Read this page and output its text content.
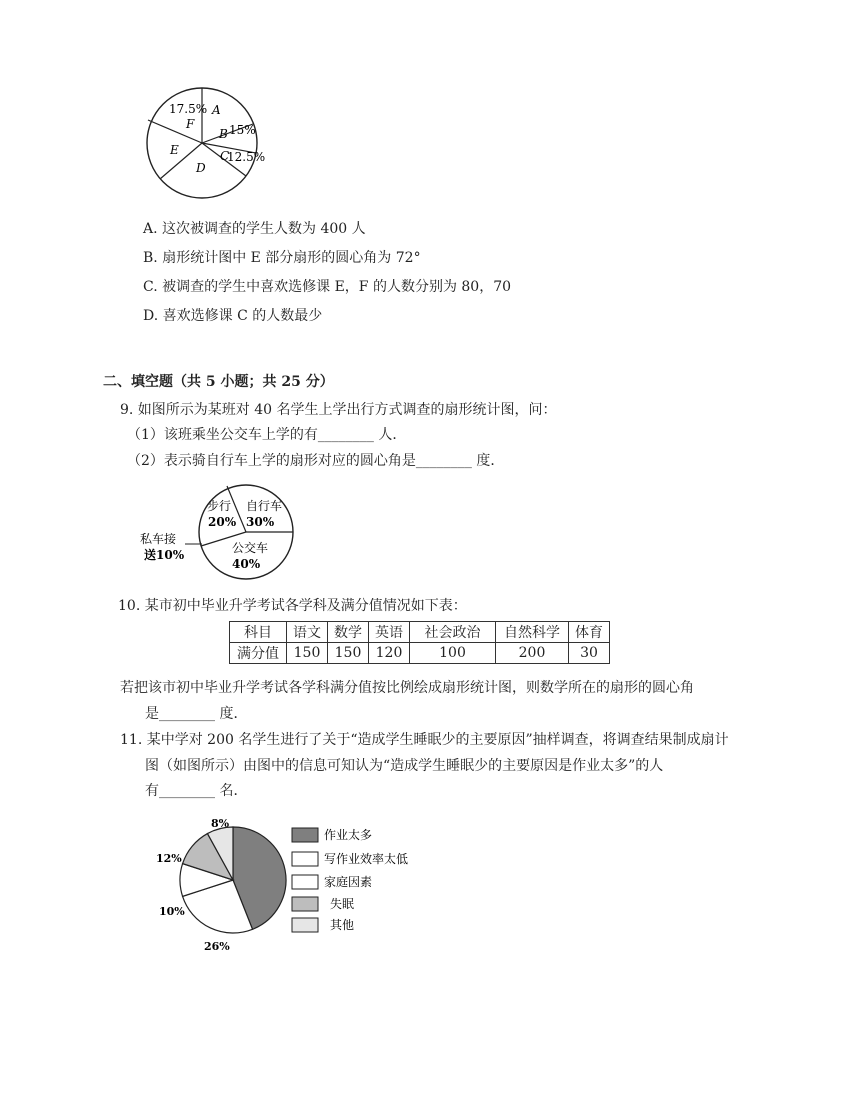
17.5%
F
A
B 15%
C
12.5%
E
D
A. 这次被调查的学生人数为 400 人
B. 扇形统计图中 E 部分扇形的圆心角为 72°
C. 被调查的学生中喜欢选修课 E，F 的人数分别为 80，70
D. 喜欢选修课 C 的人数最少
二、填空题（共 5 小题；共 25 分）
9. 如图所示为某班对 40 名学生上学出行方式调查的扇形统计图，问：
（1）该班乘坐公交车上学的有________ 人．
（2）表示骑自行车上学的扇形对应的圆心角是________ 度．
步行
20%
自行车
30%
私车接
送10%	公交车
40%
10. 某市初中毕业升学考试各学科及满分值情况如下表：
科目	语文	数学	英语	社会政治	自然科学	体育
满分值	150	150	120	100	200	30
若把该市初中毕业升学考试各学科满分值按比例绘成扇形统计图，则数学所在的扇形的圆心角
是________ 度．
11. 某中学对 200 名学生进行了关于“造成学生睡眠少的主要原因”抽样调查，将调查结果制成扇计
图（如图所示）由图中的信息可知认为“造成学生睡眠少的主要原因是作业太多”的人
有________ 名．
8%
12%
10%
26%
作业太多
写作业效率太低
家庭因素
失眠
其他
